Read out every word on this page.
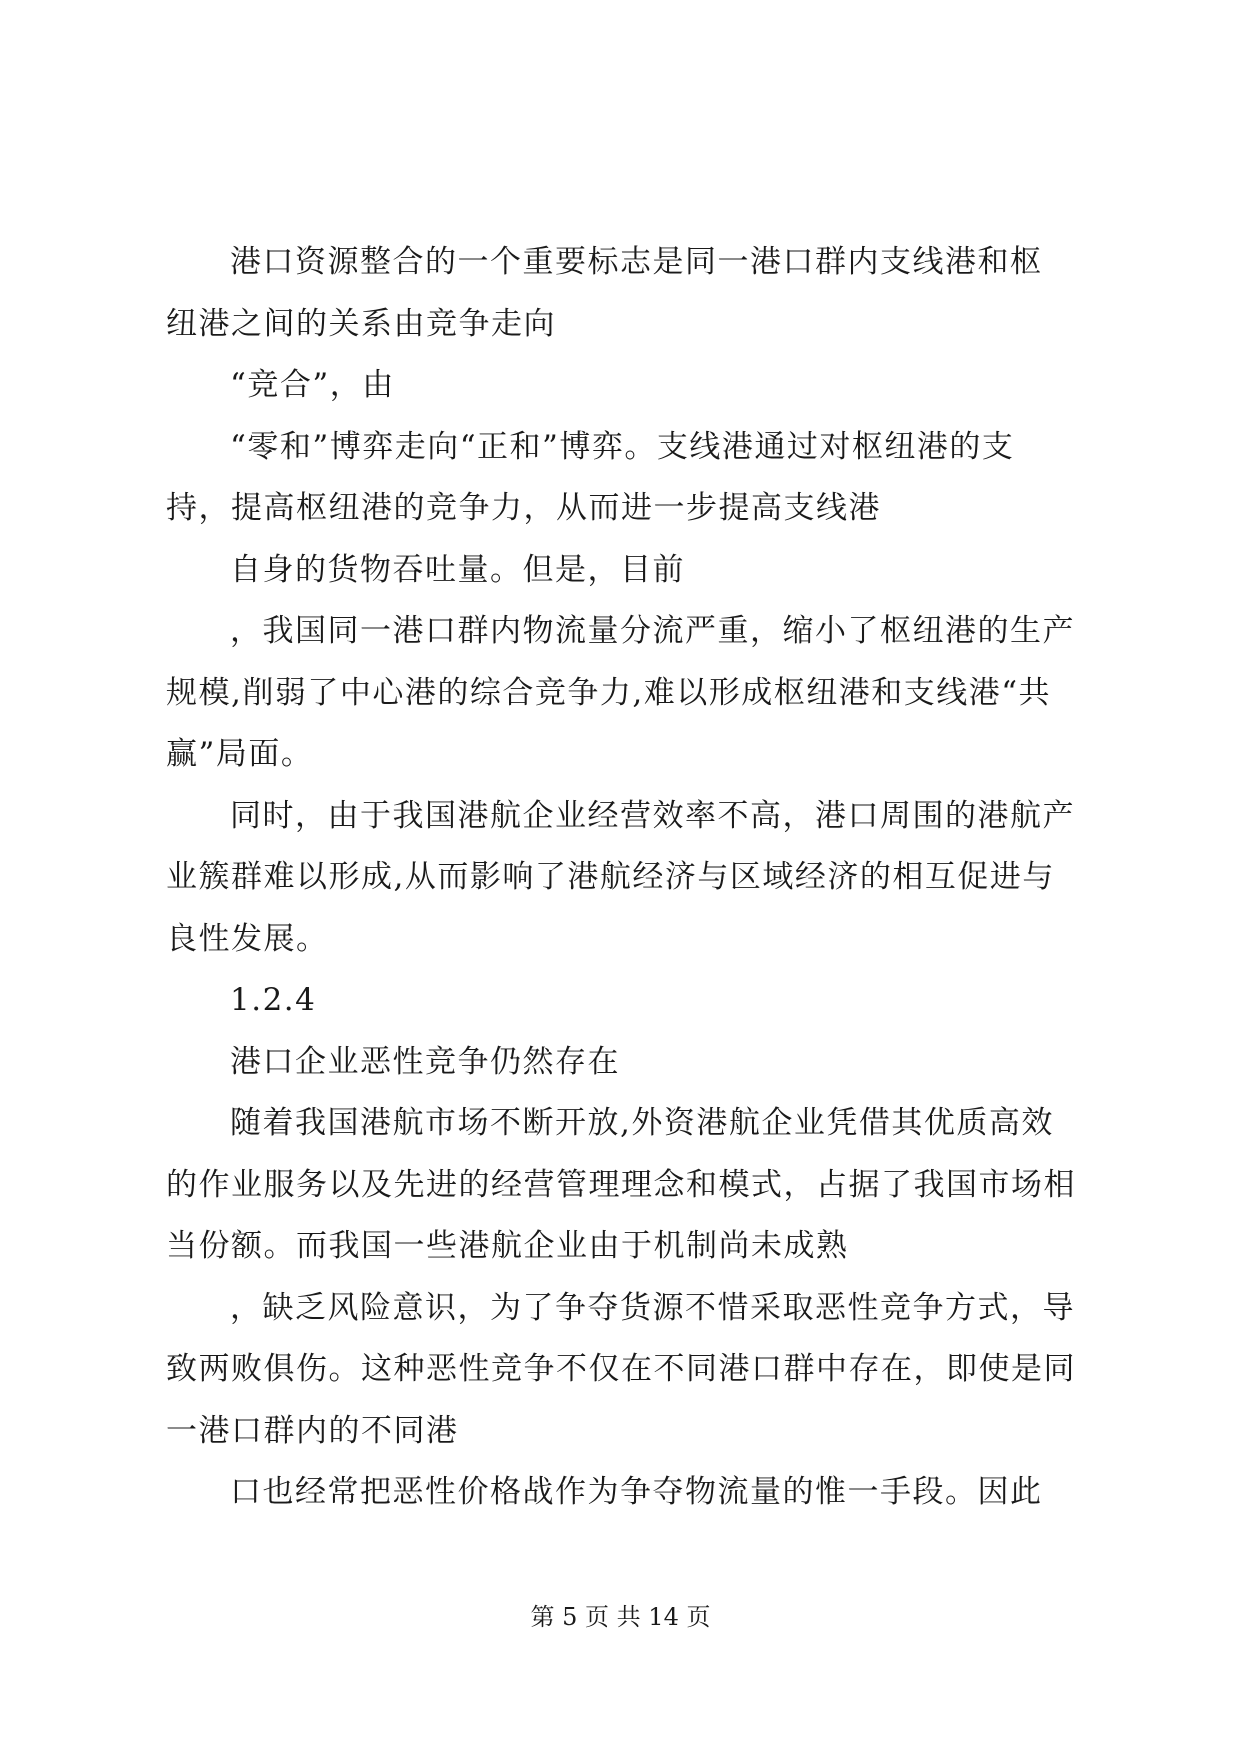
港口资源整合的一个重要标志是同一港口群内支线港和枢
纽港之间的关系由竞争走向
“竞合”，由
“零和”博弈走向“正和”博弈。支线港通过对枢纽港的支
持，提高枢纽港的竞争力，从而进一步提高支线港
自身的货物吞吐量。但是，目前
，我国同一港口群内物流量分流严重，缩小了枢纽港的生产
规模,削弱了中心港的综合竞争力,难以形成枢纽港和支线港“共
赢”局面。
同时，由于我国港航企业经营效率不高，港口周围的港航产
业簇群难以形成,从而影响了港航经济与区域经济的相互促进与
良性发展。
1.2.4
港口企业恶性竞争仍然存在
随着我国港航市场不断开放,外资港航企业凭借其优质高效
的作业服务以及先进的经营管理理念和模式，占据了我国市场相
当份额。而我国一些港航企业由于机制尚未成熟
，缺乏风险意识，为了争夺货源不惜采取恶性竞争方式，导
致两败俱伤。这种恶性竞争不仅在不同港口群中存在，即使是同
一港口群内的不同港
口也经常把恶性价格战作为争夺物流量的惟一手段。因此
第 5 页 共 14 页
